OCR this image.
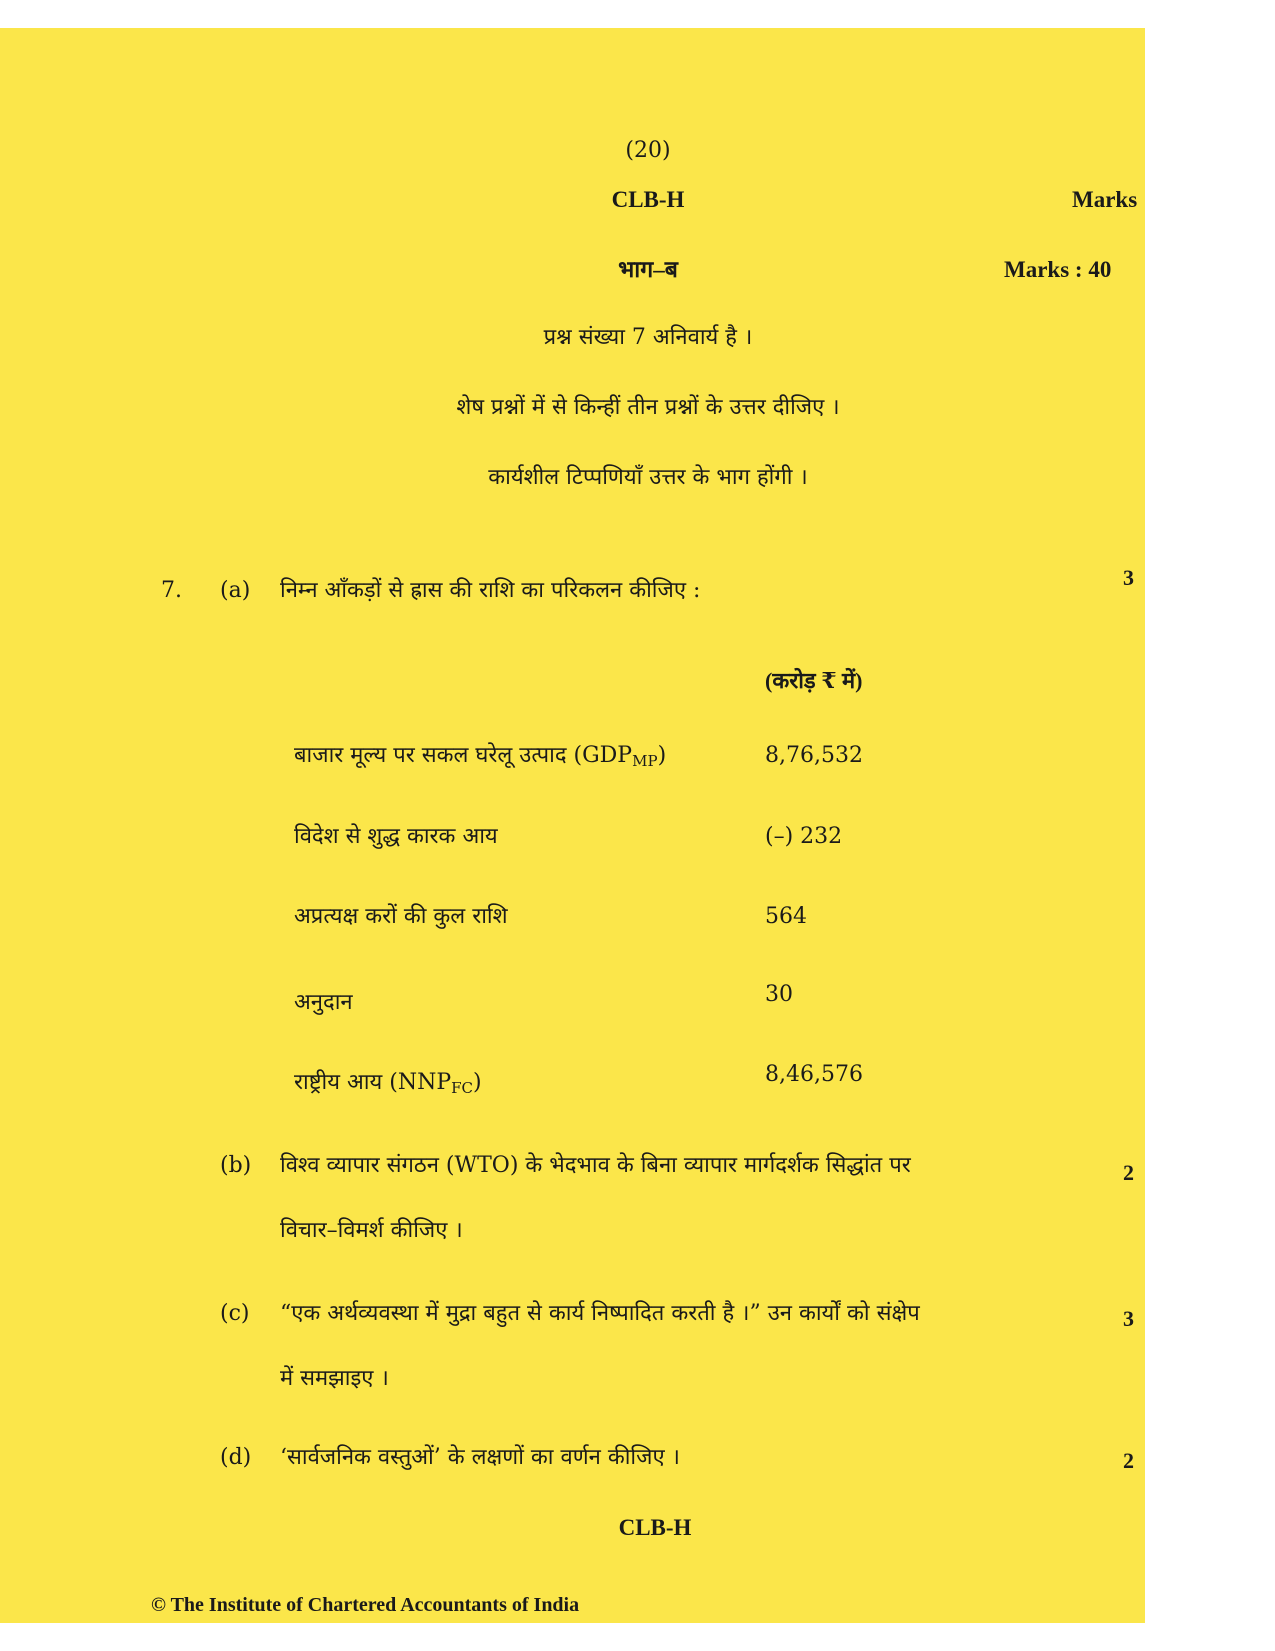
(20)
CLB-H	Marks
भाग–ब	Marks : 40
प्रश्न संख्या 7 अनिवार्य है ।
शेष प्रश्नों में से किन्हीं तीन प्रश्नों के उत्तर दीजिए ।
कार्यशील टिप्पणियाँ उत्तर के भाग होंगी ।
7. (a) निम्न आँकड़ों से ह्रास की राशि का परिकलन कीजिए :
3
(करोड़ ₹ में)
बाजार मूल्य पर सकल घरेलू उत्पाद $(GDP_{MP})$	8,76,532
विदेश से शुद्ध कारक आय	(–) 232
अप्रत्यक्ष करों की कुल राशि	564
अनुदान	30
राष्ट्रीय आय $(NNP_{FC})$	8,46,576
(b) विश्व व्यापार संगठन (WTO) के भेदभाव के बिना व्यापार मार्गदर्शक सिद्धांत पर
विचार–विमर्श कीजिए ।
2
(c) “एक अर्थव्यवस्था में मुद्रा बहुत से कार्य निष्पादित करती है ।” उन कार्यों को संक्षेप
में समझाइए ।
3
(d) ‘सार्वजनिक वस्तुओं’ के लक्षणों का वर्णन कीजिए ।	2
CLB-H
© The Institute of Chartered Accountants of India
